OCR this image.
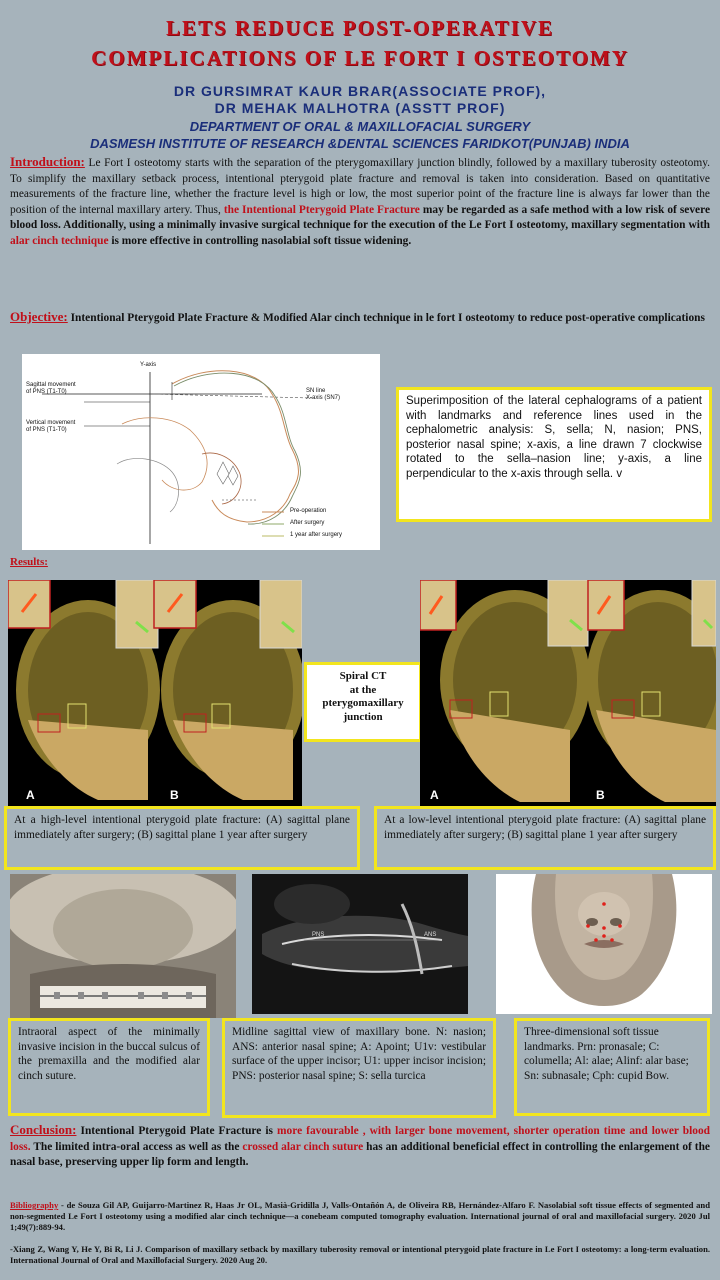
LETS REDUCE POST-OPERATIVE
COMPLICATIONS OF LE FORT I OSTEOTOMY
DR GURSIMRAT KAUR BRAR(ASSOCIATE PROF),
DR MEHAK MALHOTRA (ASSTT PROF)
DEPARTMENT OF ORAL & MAXILLOFACIAL SURGERY
DASMESH INSTITUTE OF RESEARCH &DENTAL SCIENCES FARIDKOT(PUNJAB) INDIA
Introduction: Le Fort I osteotomy starts with the separation of the pterygomaxillary junction blindly, followed by a maxillary tuberosity osteotomy. To simplify the maxillary setback process, intentional pterygoid plate fracture and removal is taken into consideration. Based on quantitative measurements of the fracture line, whether the fracture level is high or low, the most superior point of the fracture line is always far lower than the position of the internal maxillary artery. Thus, the Intentional Pterygoid Plate Fracture may be regarded as a safe method with a low risk of severe blood loss. Additionally, using a minimally invasive surgical technique for the execution of the Le Fort I osteotomy, maxillary segmentation with alar cinch technique is more effective in controlling nasolabial soft tissue widening.
Objective: Intentional Pterygoid Plate Fracture & Modified Alar cinch technique in le fort I osteotomy to reduce post-operative complications
Y-axis
Sagittal movement
of PNS (T1-T0)
Vertical movement
of PNS (T1-T0)
SN line
X-axis (SN7)
Pre-operation
After surgery
1 year after surgery
Superimposition of the lateral cephalograms of a patient with landmarks and reference lines used in the cephalometric analysis: S, sella; N, nasion; PNS, posterior nasal spine; x-axis, a line drawn 7 clockwise rotated to the sella–nasion line; y-axis, a line perpendicular to the x-axis through sella. v
Results:
A	B
Spiral CT
at the
pterygomaxillary
junction
A	B
At a high-level intentional pterygoid plate fracture: (A) sagittal plane immediately after surgery; (B) sagittal plane 1 year after surgery
At a low-level intentional pterygoid plate fracture: (A) sagittal plane immediately after surgery; (B) sagittal plane 1 year after surgery
PNS	ANS
Intraoral aspect of the minimally invasive incision in the buccal sulcus of the premaxilla and the modified alar cinch suture.
Midline sagittal view of maxillary bone. N: nasion; ANS: anterior nasal spine; A: Apoint; U1v: vestibular surface of the upper incisor; U1: upper incisor incision; PNS: posterior nasal spine; S: sella turcica
Three-dimensional soft tissue landmarks. Prn: pronasale; C: columella; Al: alae; Alinf: alar base; Sn: subnasale; Cph: cupid Bow.
Conclusion: Intentional Pterygoid Plate Fracture is more favourable , with larger bone movement, shorter operation time and lower blood loss. The limited intra-oral access as well as the crossed alar cinch suture has an additional beneficial effect in controlling the enlargement of the nasal base, preserving upper lip form and length.
Bibliography - de Souza Gil AP, Guijarro-Martinez R, Haas Jr OL, Masià-Gridilla J, Valls-Ontañón A, de Oliveira RB, Hernández-Alfaro F. Nasolabial soft tissue effects of segmented and non-segmented Le Fort I osteotomy using a modified alar cinch technique—a conebeam computed tomography evaluation. International journal of oral and maxillofacial surgery. 2020 Jul 1;49(7):889-94.
-Xiang Z, Wang Y, He Y, Bi R, Li J. Comparison of maxillary setback by maxillary tuberosity removal or intentional pterygoid plate fracture in Le Fort I osteotomy: a long-term evaluation. International Journal of Oral and Maxillofacial Surgery. 2020 Aug 20.
